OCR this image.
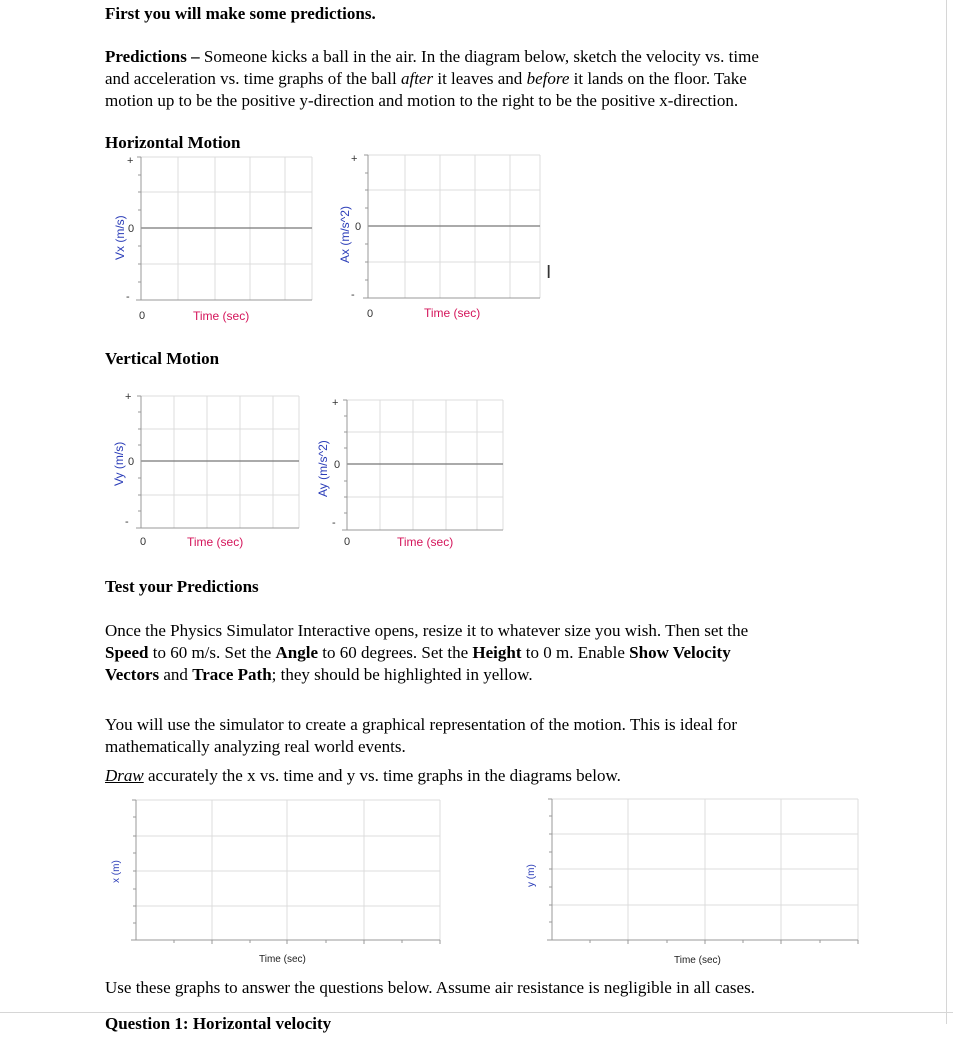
First you will make some predictions.
Predictions – Someone kicks a ball in the air. In the diagram below, sketch the velocity vs. time
and acceleration vs. time graphs of the ball after it leaves and before it lands on the floor. Take
motion up to be the positive y-direction and motion to the right to be the positive x-direction.
Horizontal Motion
+
-
0
0	Time (sec)
Vx (m/s)
+
-
0
0	Time (sec)
Ax (m/s^2)
I
Vertical Motion
+
-
0
0	Time (sec)
Vy (m/s)
+
-
0
0	Time (sec)
Ay (m/s^2)
Test your Predictions
Once the Physics Simulator Interactive opens, resize it to whatever size you wish. Then set the
Speed to 60 m/s. Set the Angle to 60 degrees. Set the Height to 0 m. Enable Show Velocity
Vectors and Trace Path; they should be highlighted in yellow.
You will use the simulator to create a graphical representation of the motion. This is ideal for
mathematically analyzing real world events.
Draw accurately the x vs. time and y vs. time graphs in the diagrams below.
Time (sec)
x (m)
Time (sec)
y (m)
Use these graphs to answer the questions below. Assume air resistance is negligible in all cases.
Question 1: Horizontal velocity
